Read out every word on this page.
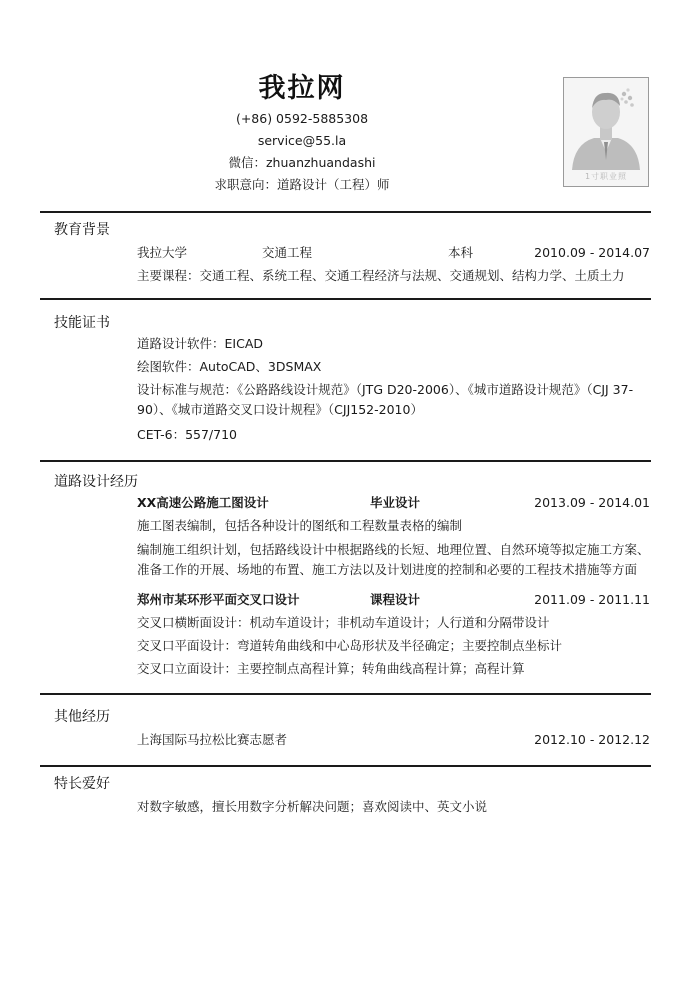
我拉网
(+86) 0592-5885308
service@55.la
微信：zhuanzhuandashi
求职意向：道路设计（工程）师
1寸职业照
教育背景
我拉大学	交通工程	本科	2010.09 - 2014.07
主要课程：交通工程、系统工程、交通工程经济与法规、交通规划、结构力学、土质土力
技能证书
道路设计软件：EICAD
绘图软件：AutoCAD、3DSMAX
设计标准与规范：《公路路线设计规范》（JTG D20-2006）、《城市道路设计规范》（CJJ 37-90）、《城市道路交叉口设计规程》（CJJ152-2010）
CET-6：557/710
道路设计经历
XX高速公路施工图设计	毕业设计	2013.09 - 2014.01
施工图表编制，包括各种设计的图纸和工程数量表格的编制
编制施工组织计划，包括路线设计中根据路线的长短、地理位置、自然环境等拟定施工方案、准备工作的开展、场地的布置、施工方法以及计划进度的控制和必要的工程技术措施等方面
郑州市某环形平面交叉口设计	课程设计	2011.09 - 2011.11
交叉口横断面设计：机动车道设计；非机动车道设计；人行道和分隔带设计
交叉口平面设计：弯道转角曲线和中心岛形状及半径确定；主要控制点坐标计
交叉口立面设计：主要控制点高程计算；转角曲线高程计算；高程计算
其他经历
上海国际马拉松比赛志愿者	2012.10 - 2012.12
特长爱好
对数字敏感，擅长用数字分析解决问题；喜欢阅读中、英文小说
